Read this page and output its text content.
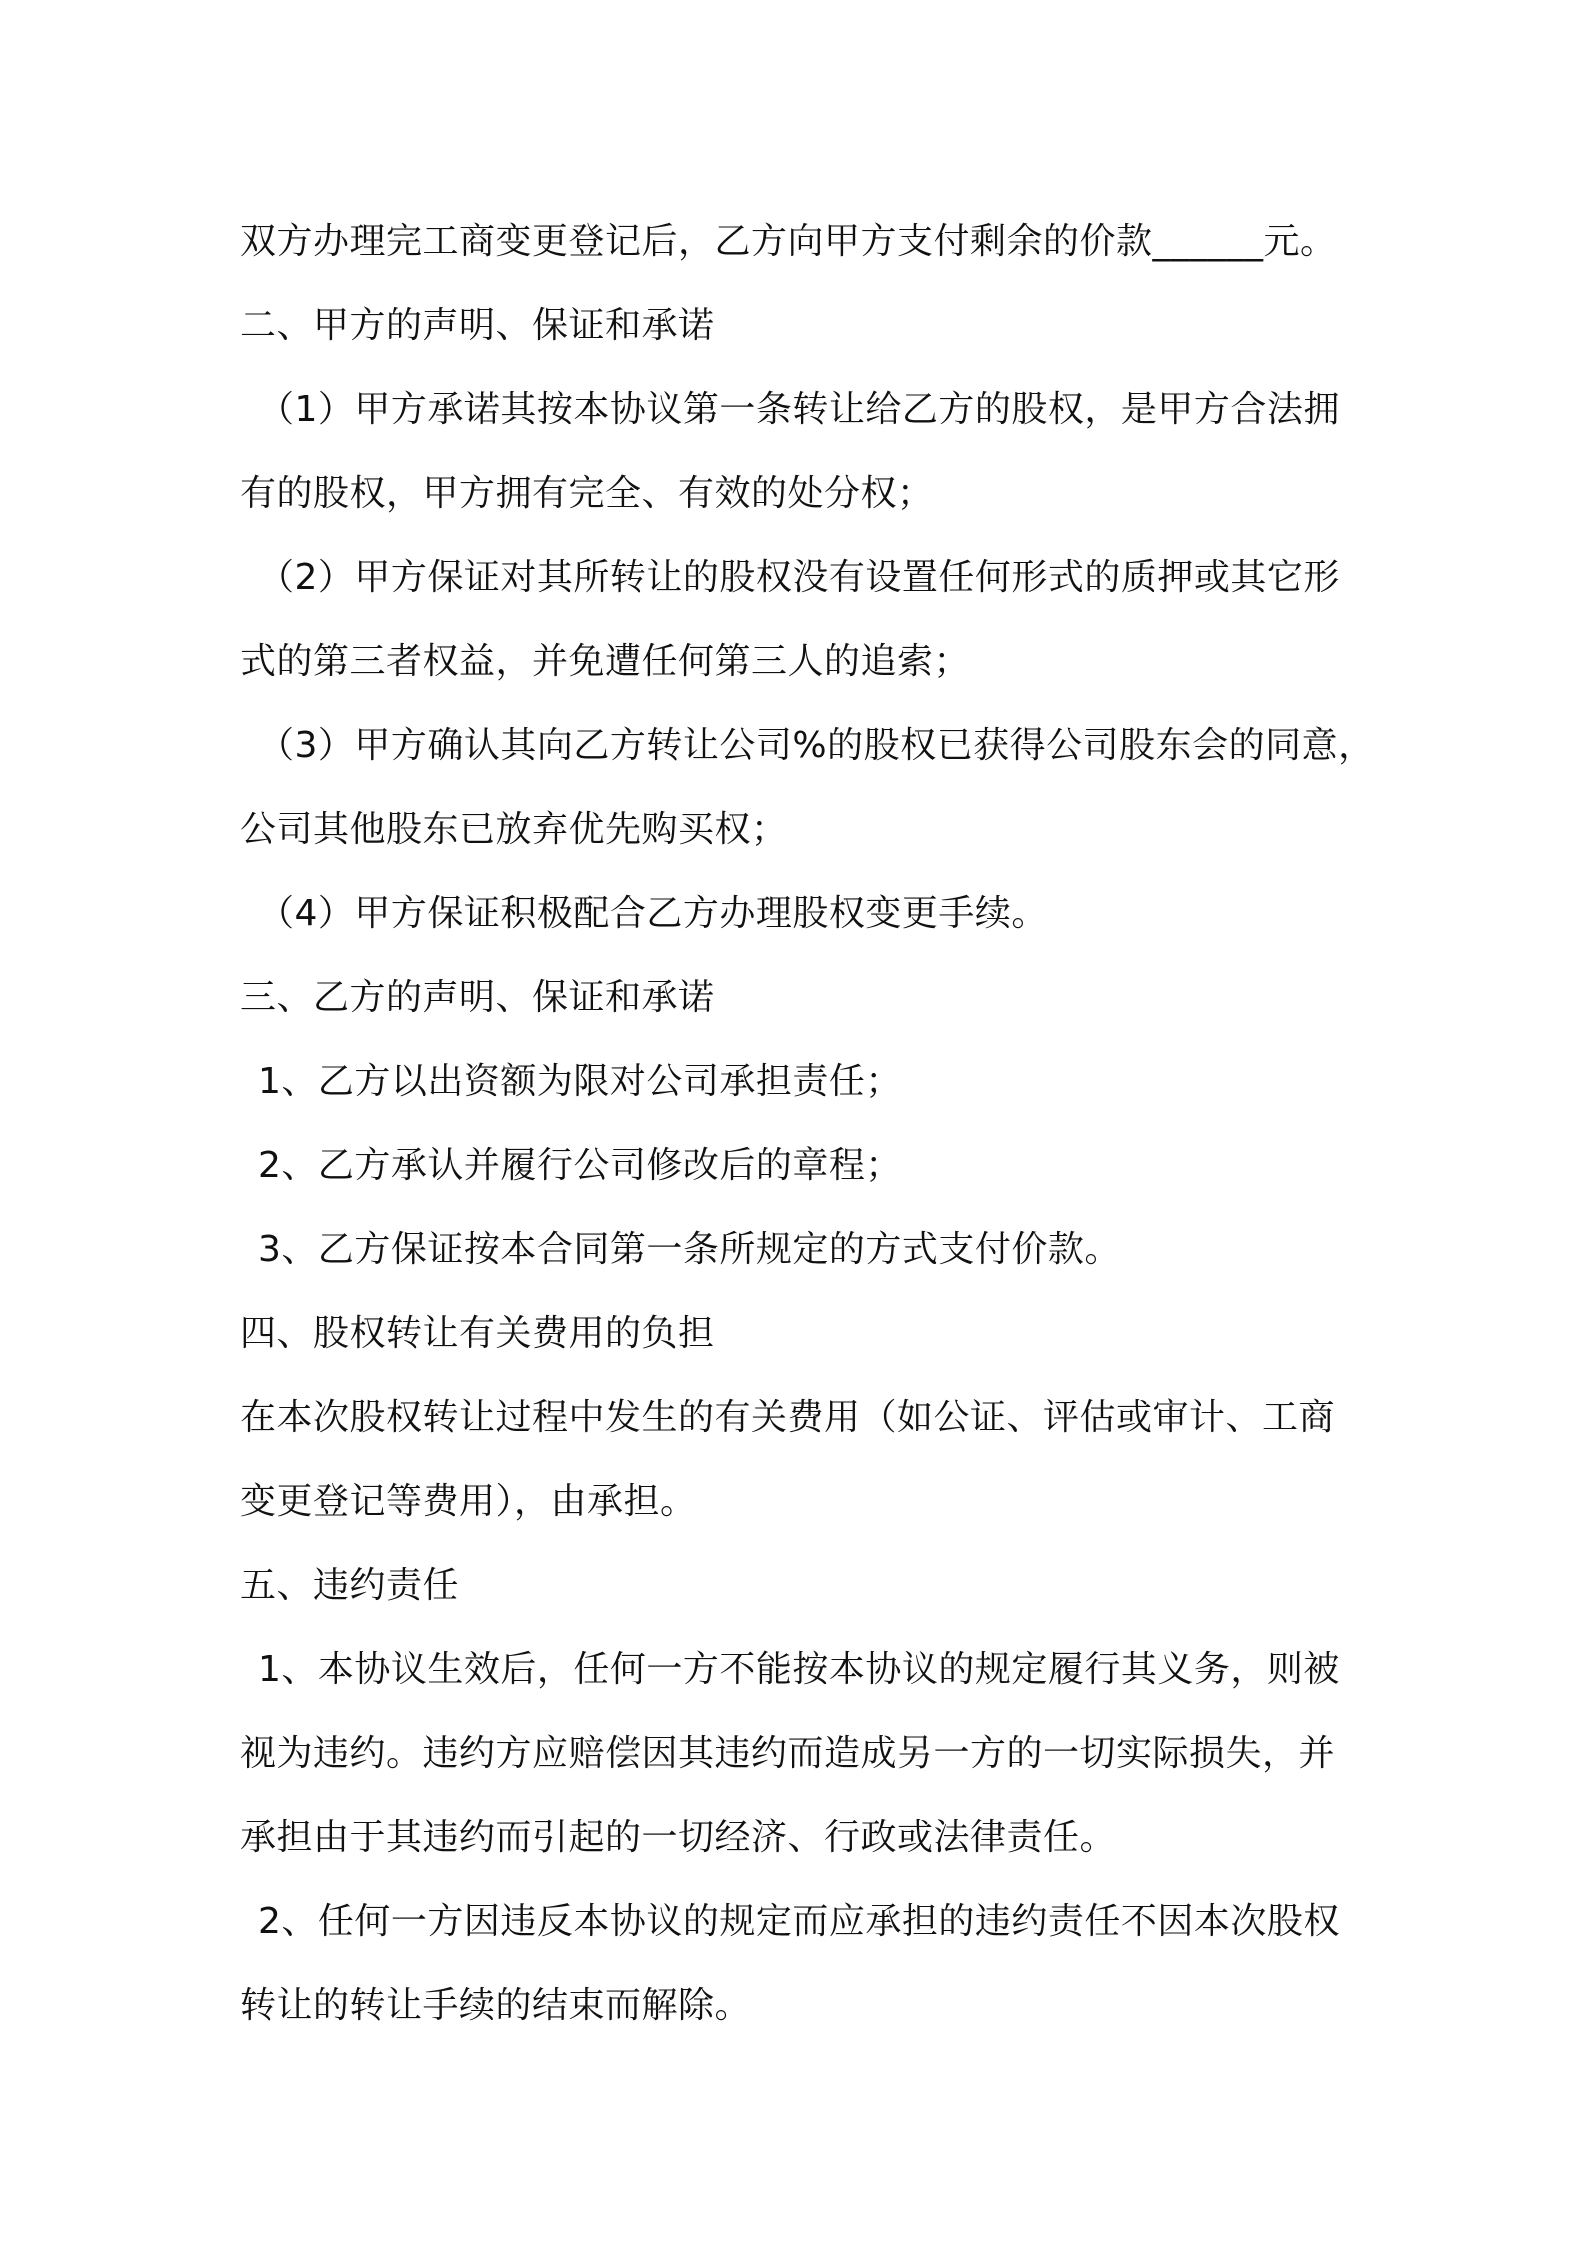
双方办理完工商变更登记后，乙方向甲方支付剩余的价款______元。
二、甲方的声明、保证和承诺
（1）甲方承诺其按本协议第一条转让给乙方的股权，是甲方合法拥
有的股权，甲方拥有完全、有效的处分权；
（2）甲方保证对其所转让的股权没有设置任何形式的质押或其它形
式的第三者权益，并免遭任何第三人的追索；
（3）甲方确认其向乙方转让公司%的股权已获得公司股东会的同意，
公司其他股东已放弃优先购买权；
（4）甲方保证积极配合乙方办理股权变更手续。
三、乙方的声明、保证和承诺
1、乙方以出资额为限对公司承担责任；
2、乙方承认并履行公司修改后的章程；
3、乙方保证按本合同第一条所规定的方式支付价款。
四、股权转让有关费用的负担
在本次股权转让过程中发生的有关费用（如公证、评估或审计、工商
变更登记等费用），由承担。
五、违约责任
1、本协议生效后，任何一方不能按本协议的规定履行其义务，则被
视为违约。违约方应赔偿因其违约而造成另一方的一切实际损失，并
承担由于其违约而引起的一切经济、行政或法律责任。
2、任何一方因违反本协议的规定而应承担的违约责任不因本次股权
转让的转让手续的结束而解除。
